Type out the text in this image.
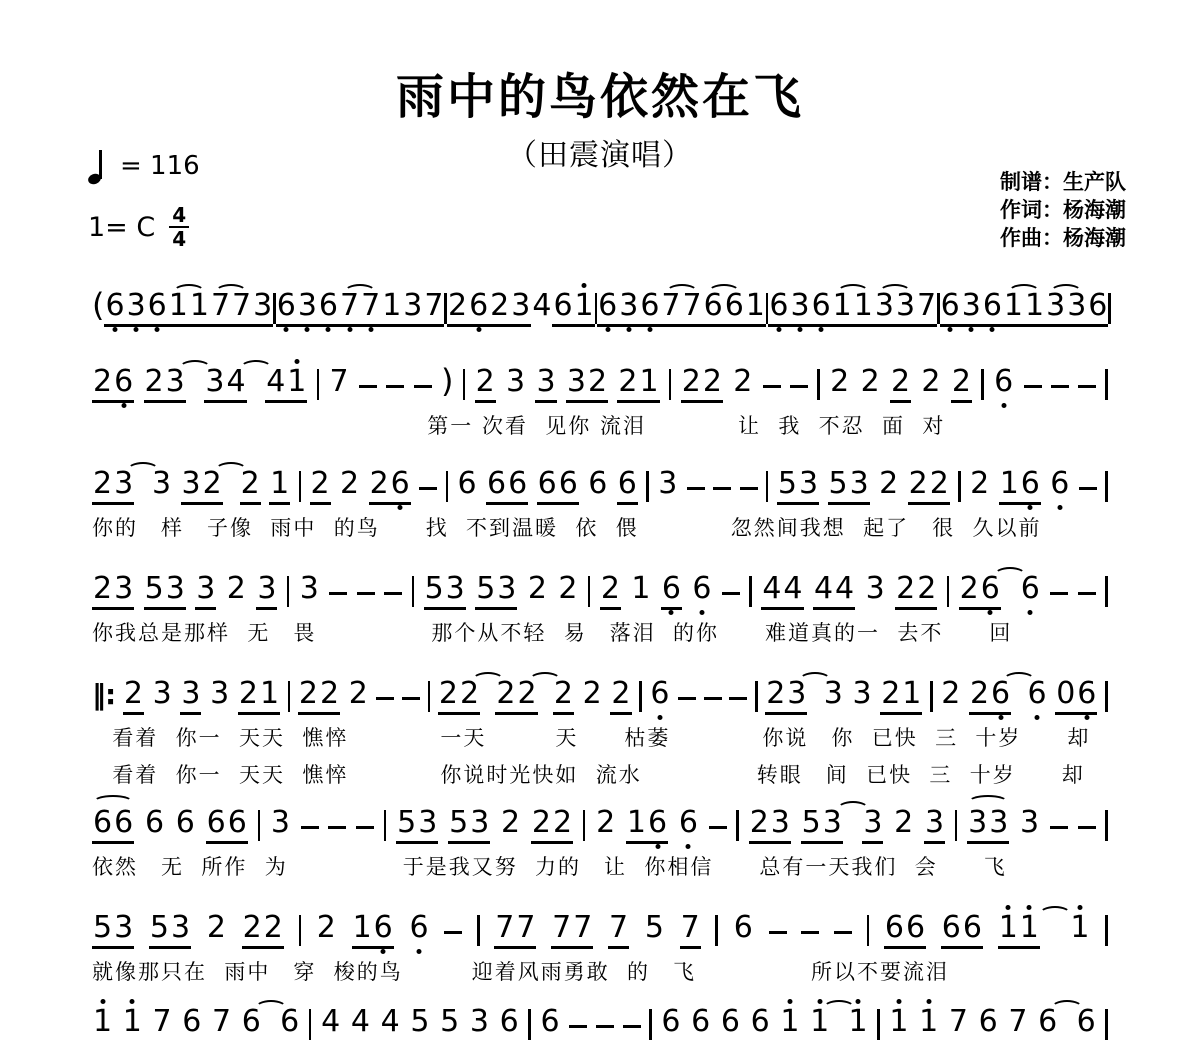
雨中的鸟依然在飞
（田震演唱）
= 116
1= C $\frac{4}{4}$
制谱：生产队
作词：杨海潮
作曲：杨海潮
( 6
3 6
1 17 73 6
3 6
7 7
1 37 26 23 4 61 6
3 6
7 76 61 6
3 6
1 13 37 6
3 6
1 13 36
26 23 34 41 7	) 2 3 3 32 21 22 2	2 2 2 2 2 6
第一 次看  见你 流泪　　　　让  我  不忍  面  对
23 3 32 2 1 2 2 26 6 66 66 6 6 3	53 53 2 22 2 16 6
你的　样　子像  雨中  的鸟　　找  不到温暖  依  偎　　　　忽然间我想  起了　很  久以前
23 53 3 2 3 3	53 53 2 2 2 1 6 6 44 44 3 22 26 6
你我总是那样  无　畏　　　　　那个从不轻  易　落泪  的你　　难道真的一  去不　　回
‖: 2 3 3 3 21 22 2 22 22 2 2 2 6	23 3 3 21 2 26 6 06
看着  你一  天天  憔悴　　　　一天　　　天　　枯萎　　　　你说　你  已快  三  十岁　　却
看着  你一  天天  憔悴　　　　你说时光快如  流水　　　　　转眼　间  已快  三  十岁　　却
66 6 6 66 3	53 53 2 22 2 16 6 23 53 3 2 3 33 3
依然　无  所作  为　　　　　于是我又努  力的　让  你相信　　总有一天我们  会　　飞
53 53 2 22 2 16 6 77 77 7 5 7 6	66 66 1
1 1
就像那只在  雨中　穿  梭的鸟　　　迎着风雨勇敢  的　飞　　　　　所以不要流泪
1 1 7 6 7 6 6 4 4 4 5 5 3 6 6	6 6 6 6 1 1 1 1 1 7 6 7 6 6
